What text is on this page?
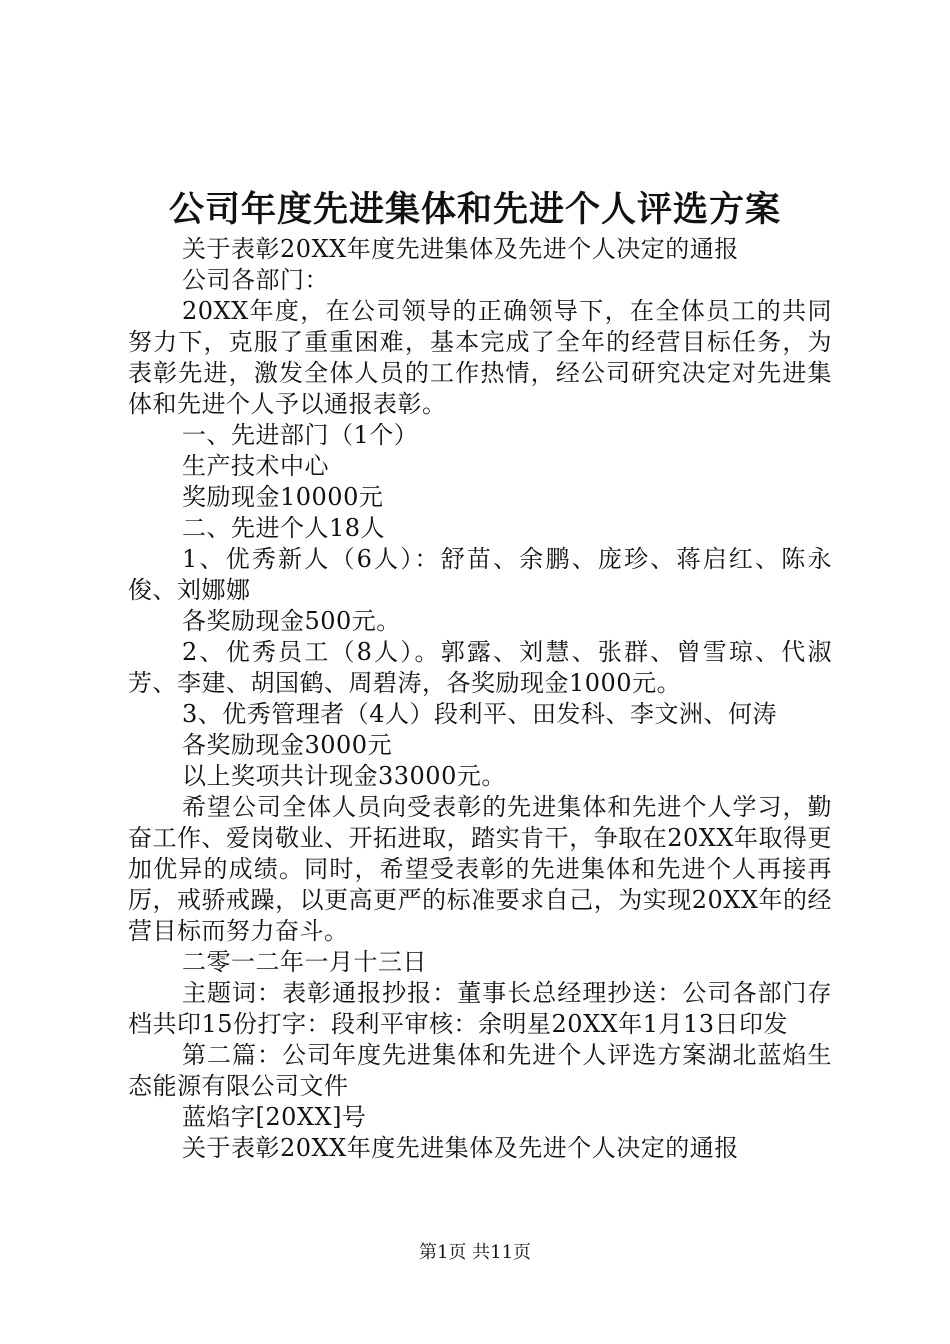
公司年度先进集体和先进个人评选方案

关于表彰20XX年度先进集体及先进个人决定的通报

公司各部门：

20XX年度，在公司领导的正确领导下，在全体员工的共同努力下，克服了重重困难，基本完成了全年的经营目标任务，为表彰先进，激发全体人员的工作热情，经公司研究决定对先进集体和先进个人予以通报表彰。

一、先进部门（1个）

生产技术中心

奖励现金10000元

二、先进个人18人

1、优秀新人（6人）：舒苗、余鹏、庞珍、蒋启红、陈永俊、刘娜娜

各奖励现金500元。

2、优秀员工（8人）。郭露、刘慧、张群、曾雪琼、代淑芳、李建、胡国鹤、周碧涛，各奖励现金1000元。

3、优秀管理者（4人）段利平、田发科、李文洲、何涛

各奖励现金3000元

以上奖项共计现金33000元。

希望公司全体人员向受表彰的先进集体和先进个人学习，勤奋工作、爱岗敬业、开拓进取，踏实肯干，争取在20XX年取得更加优异的成绩。同时，希望受表彰的先进集体和先进个人再接再厉，戒骄戒躁，以更高更严的标准要求自己，为实现20XX年的经营目标而努力奋斗。

二零一二年一月十三日

主题词：表彰通报抄报：董事长总经理抄送：公司各部门存档共印15份打字：段利平审核：余明星20XX年1月13日印发

第二篇：公司年度先进集体和先进个人评选方案湖北蓝焰生态能源有限公司文件

蓝焰字[20XX]号

关于表彰20XX年度先进集体及先进个人决定的通报

第1页 共11页
